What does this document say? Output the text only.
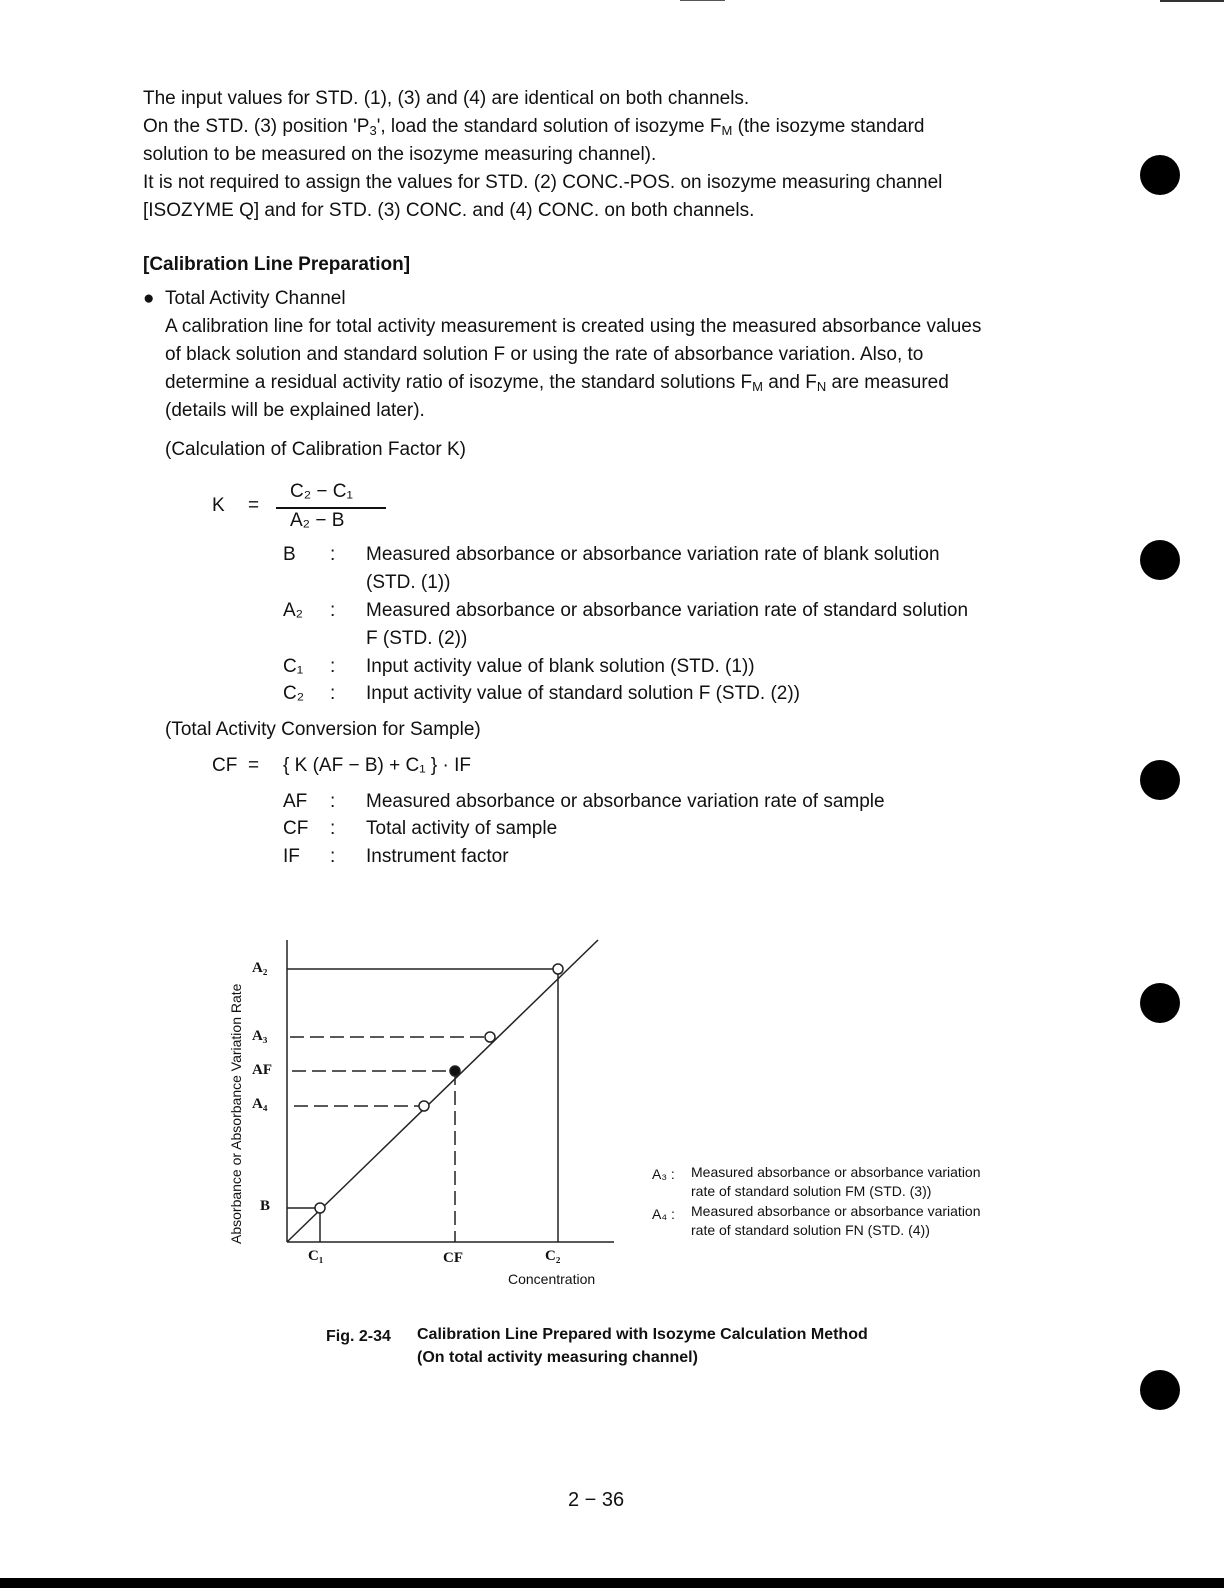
The input values for STD. (1), (3) and (4) are identical on both channels.
On the STD. (3) position '$P_3$', load the standard solution of isozyme $F_M$ (the isozyme standard
solution to be measured on the isozyme measuring channel).
It is not required to assign the values for STD. (2) CONC.-POS. on isozyme measuring channel
[ISOZYME Q] and for STD. (3) CONC. and (4) CONC. on both channels.
[Calibration Line Preparation]
● Total Activity Channel
A calibration line for total activity measurement is created using the measured absorbance values
of black solution and standard solution F or using the rate of absorbance variation. Also, to
determine a residual activity ratio of isozyme, the standard solutions $F_M$ and $F_N$ are measured
(details will be explained later).
(Calculation of Calibration Factor K)
K =
C₂ − C₁
A₂ − B
B : Measured absorbance or absorbance variation rate of blank solution
(STD. (1))
A₂ : Measured absorbance or absorbance variation rate of standard solution
F (STD. (2))
C₁ : Input activity value of blank solution (STD. (1))
C₂ : Input activity value of standard solution F (STD. (2))
(Total Activity Conversion for Sample)
CF = { K (AF − B) + C₁ } · IF
AF : Measured absorbance or absorbance variation rate of sample
CF : Total activity of sample
IF : Instrument factor
Absorbance or Absorbance Variation Rate
A₂
A₃
AF
A₄
B
C₁	CF	C₂
Concentration
A₃ : Measured absorbance or absorbance variation
rate of standard solution FM (STD. (3))
A₄ : Measured absorbance or absorbance variation
rate of standard solution FN (STD. (4))
Fig. 2-34 Calibration Line Prepared with Isozyme Calculation Method
(On total activity measuring channel)
2 − 36
